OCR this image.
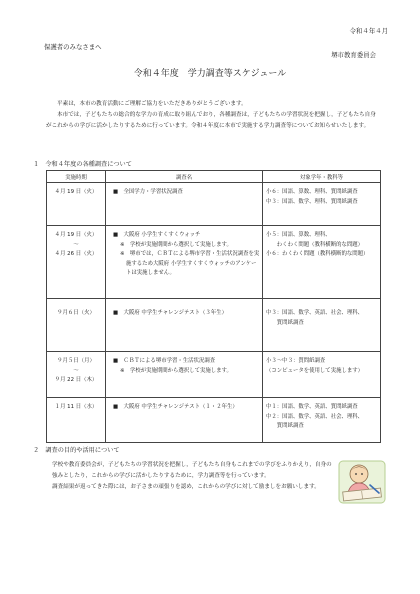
令和４年４月
保護者のみなさまへ
堺市教育委員会
令和４年度　学力調査等スケジュール

平素は，本市の教育活動にご理解ご協力をいただきありがとうございます。

本市では，子どもたちの総合的な学力の育成に取り組んでおり，各種調査は，子どもたちの学習状況を把握し，子どもたち自身がこれからの学びに活かしたりするために行っています。令和４年度に本市で実施する学力調査等についてお知らせいたします。

１　令和４年度の各種調査について
実施時期	調査名	対象学年・教科等

４月 19 日（火）	■　全国学力・学習状況調査	小６：国語、算数、理科、質問紙調査
中３：国語、数学、理科、質問紙調査

４月 19 日（火）
～
４月 26 日（火）	■　大阪府 小学生すくすくウォッチ
※　学校が実施期間から選択して実施します。
※　堺市では，ＣＢＴによる堺市学習・生活状況調査を実施するため大阪府 小学生すくすくウォッチのアンケートは実施しません。	小５：国語、算数、理科、
　　わくわく問題（教科横断的な問題）
小６：わくわく問題（教科横断的な問題）

９月６日（火）	■　大阪府 中学生チャレンジテスト（３年生）	中３：国語、数学、英語、社会、理科、
　　質問紙調査

９月５日（月）
～
９月 22 日（木）	■　ＣＢＴによる堺市学習・生活状況調査
※　学校が実施期間から選択して実施します。	小３～中３：質問紙調査
（コンピュータを使用して実施します）

１月 11 日（水）	■　大阪府 中学生チャレンジテスト（１・２年生）	中１：国語、数学、英語、質問紙調査
中２：国語、数学、英語、社会、理科、
　　質問紙調査
２　調査の目的や活用について

学校や教育委員会が，子どもたちの学習状況を把握し，子どもたち自身もこれまでの学びをふりかえり，自身の強みとしたり，これからの学びに活かしたりするために，学力調査等を行っています。

調査結果が返ってきた際には，お子さまの頑張りを認め，これからの学びに対して励ましをお願いします。
